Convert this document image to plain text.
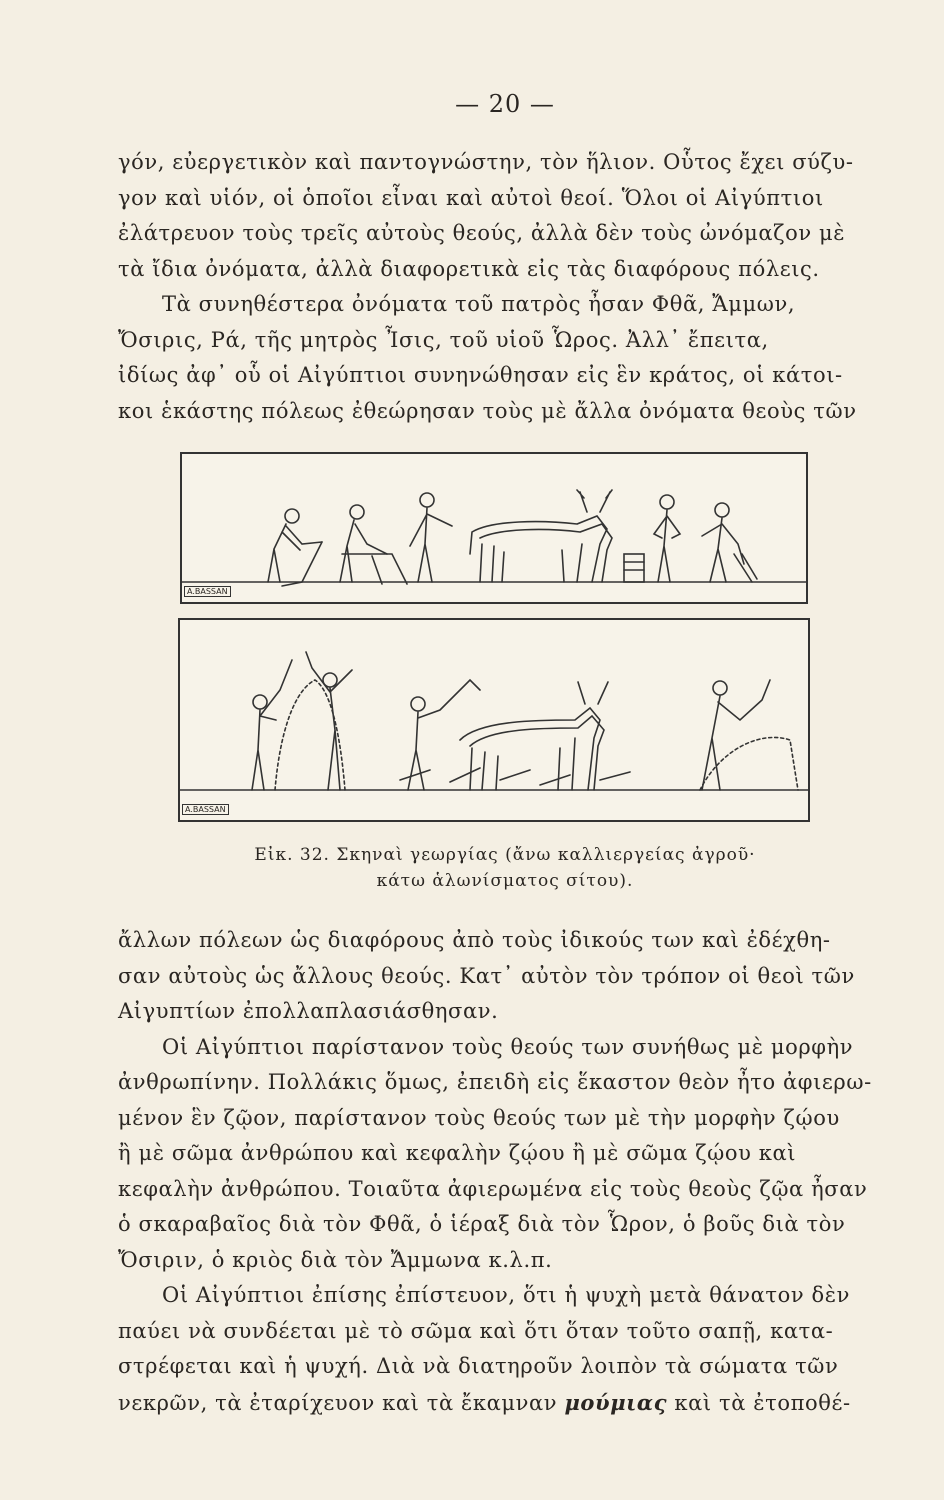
— 20 —
γόν, εὐεργετικὸν καὶ παντογνώστην, τὸν ἥλιον. Οὗτος ἔχει σύζυ-
γον καὶ υἱόν, οἱ ὁποῖοι εἶναι καὶ αὐτοὶ θεοί. Ὅλοι οἱ Αἰγύπτιοι
ἐλάτρευον τοὺς τρεῖς αὐτοὺς θεούς, ἀλλὰ δὲν τοὺς ὠνόμαζον μὲ
τὰ ἴδια ὀνόματα, ἀλλὰ διαφορετικὰ εἰς τὰς διαφόρους πόλεις.
Τὰ συνηθέστερα ὀνόματα τοῦ πατρὸς ἦσαν Φθᾶ, Ἄμμων,
Ὄσιρις, Ρά, τῆς μητρὸς Ἶσις, τοῦ υἱοῦ Ὧρος. Ἀλλ᾽ ἔπειτα,
ἰδίως ἀφ᾽ οὗ οἱ Αἰγύπτιοι συνηνώθησαν εἰς ἓν κράτος, οἱ κάτοι-
κοι ἑκάστης πόλεως ἐθεώρησαν τοὺς μὲ ἄλλα ὀνόματα θεοὺς τῶν
A.BASSAN
A.BASSAN
Εἰκ. 32. Σκηναὶ γεωργίας (ἄνω καλλιεργείας ἀγροῦ·
κάτω ἁλωνίσματος σίτου).
ἄλλων πόλεων ὡς διαφόρους ἀπὸ τοὺς ἰδικούς των καὶ ἐδέχθη-
σαν αὐτοὺς ὡς ἄλλους θεούς. Κατ᾽ αὐτὸν τὸν τρόπον οἱ θεοὶ τῶν
Αἰγυπτίων ἐπολλαπλασιάσθησαν.
Οἱ Αἰγύπτιοι παρίστανον τοὺς θεούς των συνήθως μὲ μορφὴν
ἀνθρωπίνην. Πολλάκις ὅμως, ἐπειδὴ εἰς ἕκαστον θεὸν ἦτο ἀφιερω-
μένον ἓν ζῷον, παρίστανον τοὺς θεούς των μὲ τὴν μορφὴν ζῴου
ἢ μὲ σῶμα ἀνθρώπου καὶ κεφαλὴν ζῴου ἢ μὲ σῶμα ζῴου καὶ
κεφαλὴν ἀνθρώπου. Τοιαῦτα ἀφιερωμένα εἰς τοὺς θεοὺς ζῷα ἦσαν
ὁ σκαραβαῖος διὰ τὸν Φθᾶ, ὁ ἱέραξ διὰ τὸν Ὧρον, ὁ βοῦς διὰ τὸν
Ὄσιριν, ὁ κριὸς διὰ τὸν Ἄμμωνα κ.λ.π.
Οἱ Αἰγύπτιοι ἐπίσης ἐπίστευον, ὅτι ἡ ψυχὴ μετὰ θάνατον δὲν
παύει νὰ συνδέεται μὲ τὸ σῶμα καὶ ὅτι ὅταν τοῦτο σαπῇ, κατα-
στρέφεται καὶ ἡ ψυχή. Διὰ νὰ διατηροῦν λοιπὸν τὰ σώματα τῶν
νεκρῶν, τὰ ἐταρίχευον καὶ τὰ ἔκαμναν μούμιας καὶ τὰ ἐτοποθέ-
